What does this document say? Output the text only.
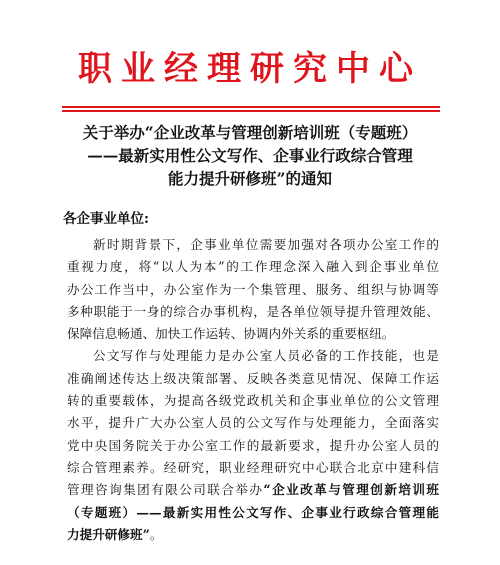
职业经理研究中心
关于举办“企业改革与管理创新培训班（专题班）
——最新实用性公文写作、企事业行政综合管理
能力提升研修班”的通知

各企事业单位:

新时期背景下，企事业单位需要加强对各项办公室工作的
重视力度，将“以人为本”的工作理念深入融入到企事业单位
办公工作当中，办公室作为一个集管理、服务、组织与协调等
多种职能于一身的综合办事机构，是各单位领导提升管理效能、
保障信息畅通、加快工作运转、协调内外关系的重要枢纽。
公文写作与处理能力是办公室人员必备的工作技能，也是
准确阐述传达上级决策部署、反映各类意见情况、保障工作运
转的重要载体，为提高各级党政机关和企事业单位的公文管理
水平，提升广大办公室人员的公文写作与处理能力，全面落实
党中央国务院关于办公室工作的最新要求，提升办公室人员的
综合管理素养。经研究，职业经理研究中心联合北京中建科信
管理咨询集团有限公司联合举办“企业改革与管理创新培训班
（专题班）——最新实用性公文写作、企事业行政综合管理能
力提升研修班”。
